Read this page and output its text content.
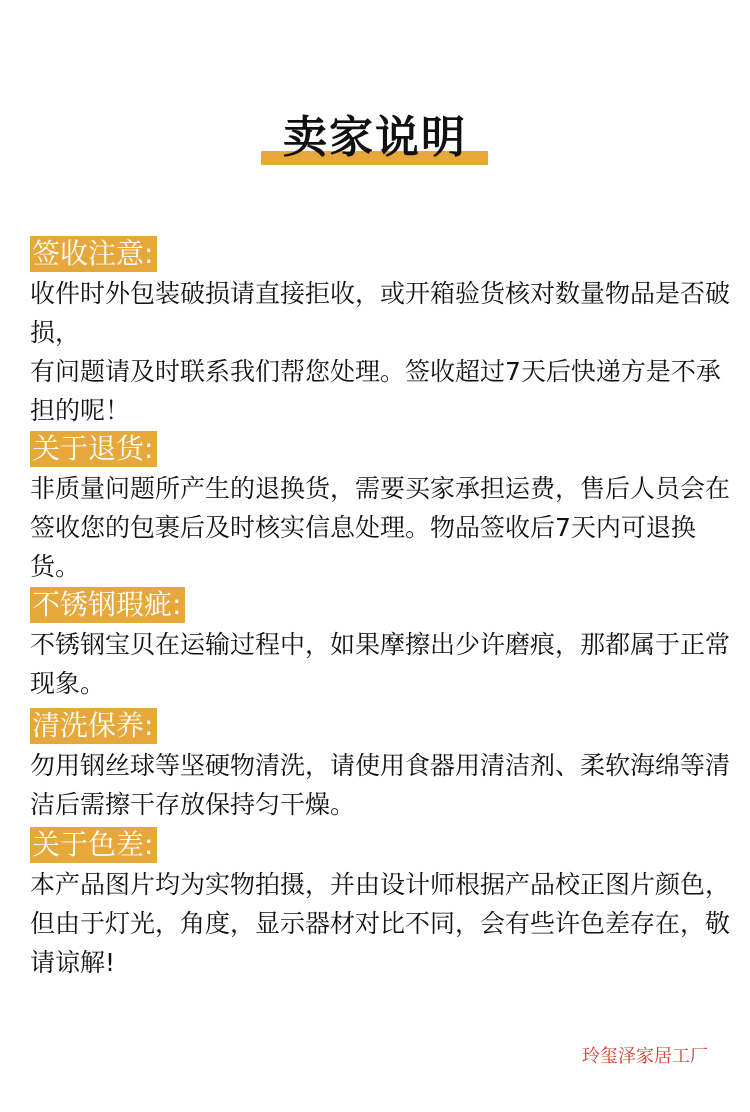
卖家说明
签收注意:

收件时外包装破损请直接拒收，或开箱验货核对数量物品是否破损，

有问题请及时联系我们帮您处理。签收超过7天后快递方是不承担的呢！

关于退货:

非质量问题所产生的退换货，需要买家承担运费，售后人员会在签收您的包裹后及时核实信息处理。物品签收后7天内可退换货。

不锈钢瑕疵:

不锈钢宝贝在运输过程中，如果摩擦出少许磨痕，那都属于正常现象。

清洗保养:

勿用钢丝球等坚硬物清洗，请使用食器用清洁剂、柔软海绵等清洁后需擦干存放保持匀干燥。

关于色差:

本产品图片均为实物拍摄，并由设计师根据产品校正图片颜色，但由于灯光，角度，显示器材对比不同，会有些许色差存在，敬请谅解!

玲玺泽家居工厂
